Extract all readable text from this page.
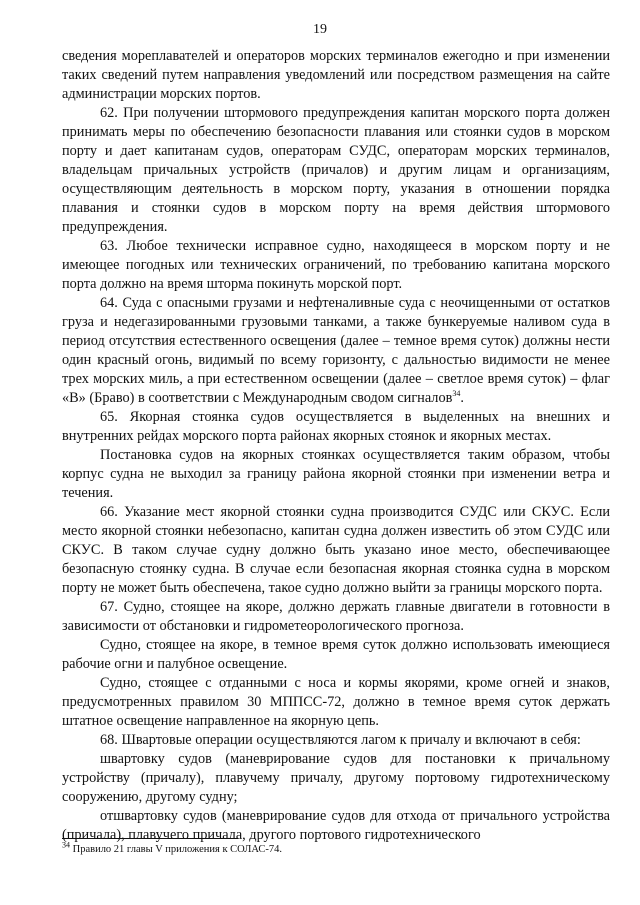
19

сведения мореплавателей и операторов морских терминалов ежегодно и при изменении таких сведений путем направления уведомлений или посредством размещения на сайте администрации морских портов.

62. При получении штормового предупреждения капитан морского порта должен принимать меры по обеспечению безопасности плавания или стоянки судов в морском порту и дает капитанам судов, операторам СУДС, операторам морских терминалов, владельцам причальных устройств (причалов) и другим лицам и организациям, осуществляющим деятельность в морском порту, указания в отношении порядка плавания и стоянки судов в морском порту на время действия штормового предупреждения.

63. Любое технически исправное судно, находящееся в морском порту и не имеющее погодных или технических ограничений, по требованию капитана морского порта должно на время шторма покинуть морской порт.

64. Суда с опасными грузами и нефтеналивные суда с неочищенными от остатков груза и недегазированными грузовыми танками, а также бункеруемые наливом суда в период отсутствия естественного освещения (далее – темное время суток) должны нести один красный огонь, видимый по всему горизонту, с дальностью видимости не менее трех морских миль, а при естественном освещении (далее – светлое время суток) – флаг «В» (Браво) в соответствии с Международным сводом сигналов$^{34}$.

65. Якорная стоянка судов осуществляется в выделенных на внешних и внутренних рейдах морского порта районах якорных стоянок и якорных местах.

Постановка судов на якорных стоянках осуществляется таким образом, чтобы корпус судна не выходил за границу района якорной стоянки при изменении ветра и течения.

66. Указание мест якорной стоянки судна производится СУДС или СКУС. Если место якорной стоянки небезопасно, капитан судна должен известить об этом СУДС или СКУС. В таком случае судну должно быть указано иное место, обеспечивающее безопасную стоянку судна. В случае если безопасная якорная стоянка судна в морском порту не может быть обеспечена, такое судно должно выйти за границы морского порта.

67. Судно, стоящее на якоре, должно держать главные двигатели в готовности в зависимости от обстановки и гидрометеорологического прогноза.

Судно, стоящее на якоре, в темное время суток должно использовать имеющиеся рабочие огни и палубное освещение.

Судно, стоящее с отданными с носа и кормы якорями, кроме огней и знаков, предусмотренных правилом 30 МППСС-72, должно в темное время суток держать штатное освещение направленное на якорную цепь.

68. Швартовые операции осуществляются лагом к причалу и включают в себя:

швартовку судов (маневрирование судов для постановки к причальному устройству (причалу), плавучему причалу, другому портовому гидротехническому сооружению, другому судну;

отшвартовку судов (маневрирование судов для отхода от причального устройства (причала), плавучего причала, другого портового гидротехнического

$^{34}$ Правило 21 главы V приложения к СОЛАС-74.
